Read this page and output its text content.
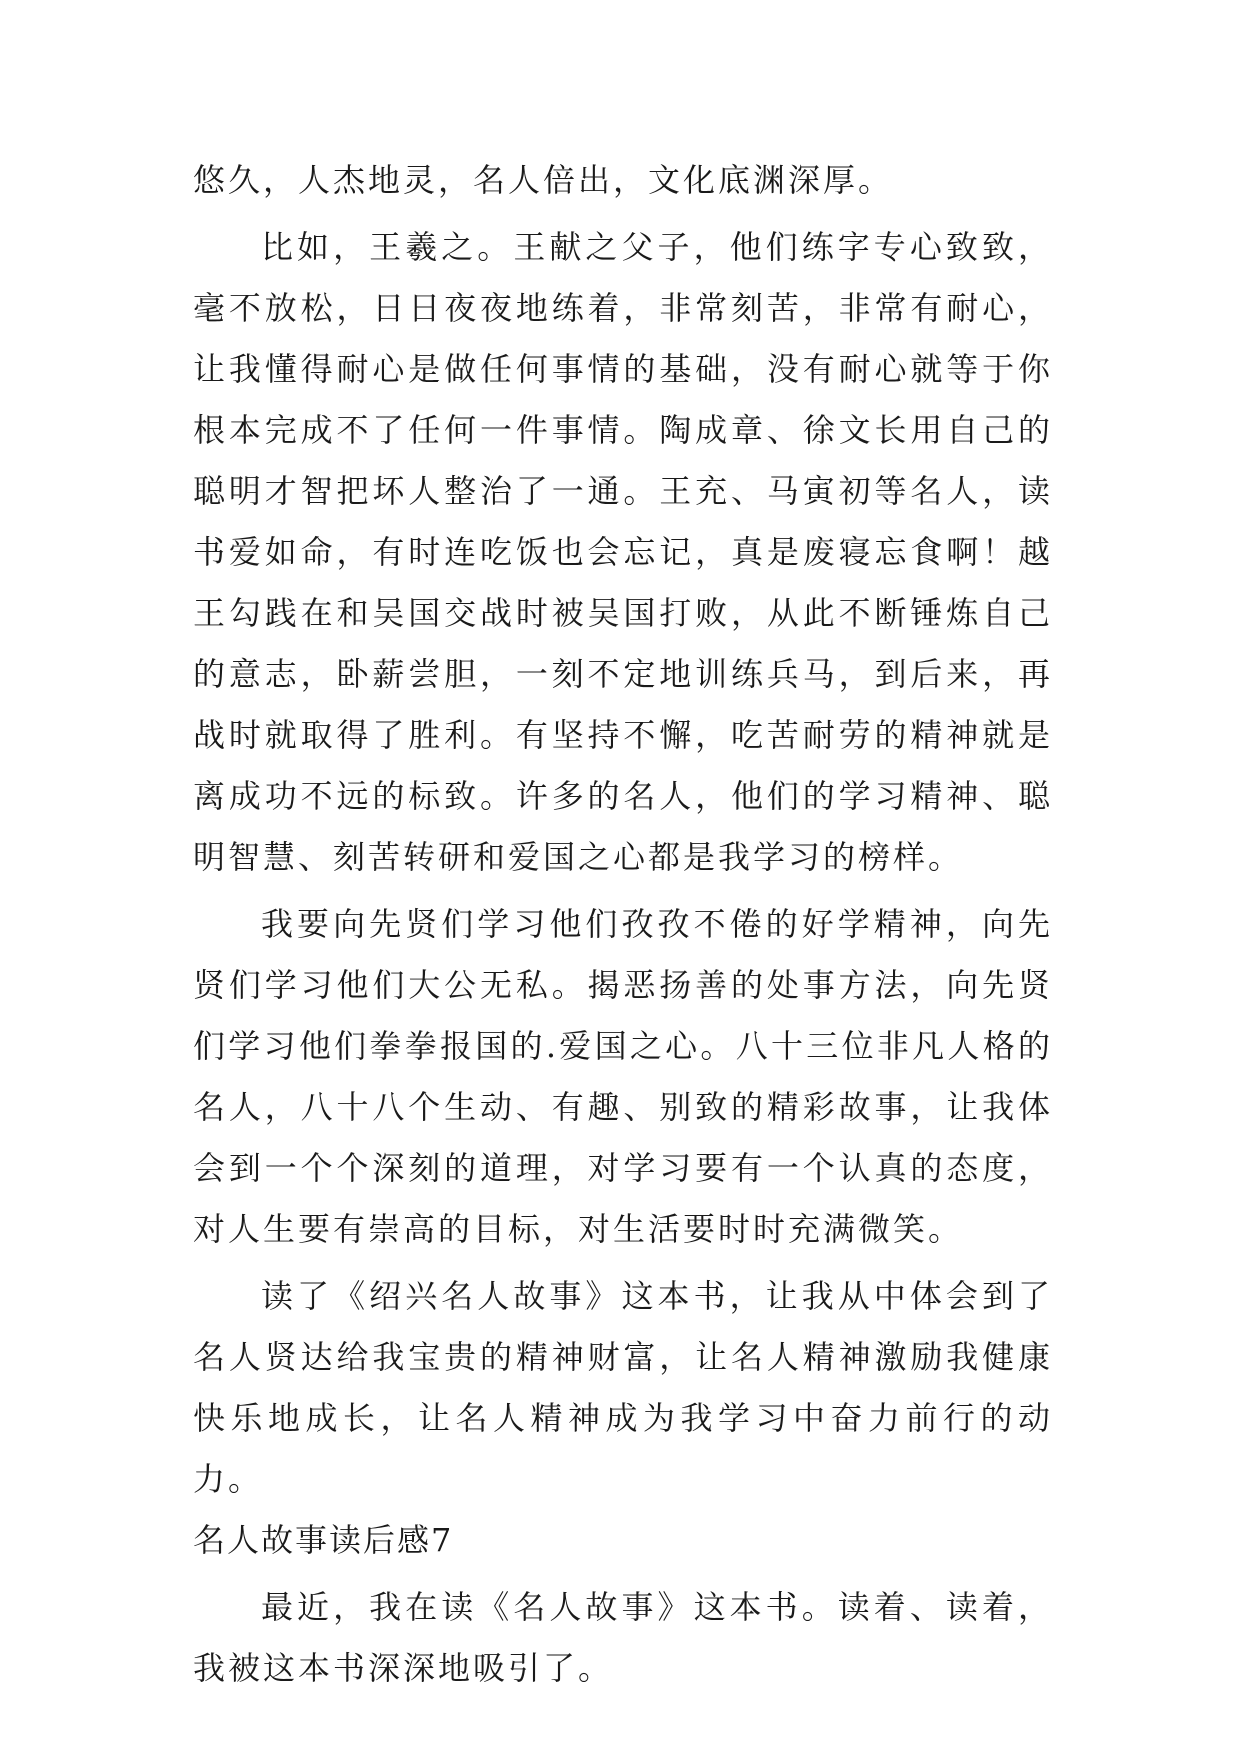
悠久，人杰地灵，名人倍出，文化底渊深厚。

比如，王羲之。王献之父子，他们练字专心致致，毫不放松，日日夜夜地练着，非常刻苦，非常有耐心，让我懂得耐心是做任何事情的基础，没有耐心就等于你根本完成不了任何一件事情。陶成章、徐文长用自己的聪明才智把坏人整治了一通。王充、马寅初等名人，读书爱如命，有时连吃饭也会忘记，真是废寝忘食啊！越王勾践在和吴国交战时被吴国打败，从此不断锤炼自己的意志，卧薪尝胆，一刻不定地训练兵马，到后来，再战时就取得了胜利。有坚持不懈，吃苦耐劳的精神就是离成功不远的标致。许多的名人，他们的学习精神、聪明智慧、刻苦转研和爱国之心都是我学习的榜样。

我要向先贤们学习他们孜孜不倦的好学精神，向先贤们学习他们大公无私。揭恶扬善的处事方法，向先贤们学习他们拳拳报国的.爱国之心。八十三位非凡人格的名人，八十八个生动、有趣、别致的精彩故事，让我体会到一个个深刻的道理，对学习要有一个认真的态度，对人生要有崇高的目标，对生活要时时充满微笑。

读了《绍兴名人故事》这本书，让我从中体会到了名人贤达给我宝贵的精神财富，让名人精神激励我健康快乐地成长，让名人精神成为我学习中奋力前行的动力。

名人故事读后感7

最近，我在读《名人故事》这本书。读着、读着，我被这本书深深地吸引了。
